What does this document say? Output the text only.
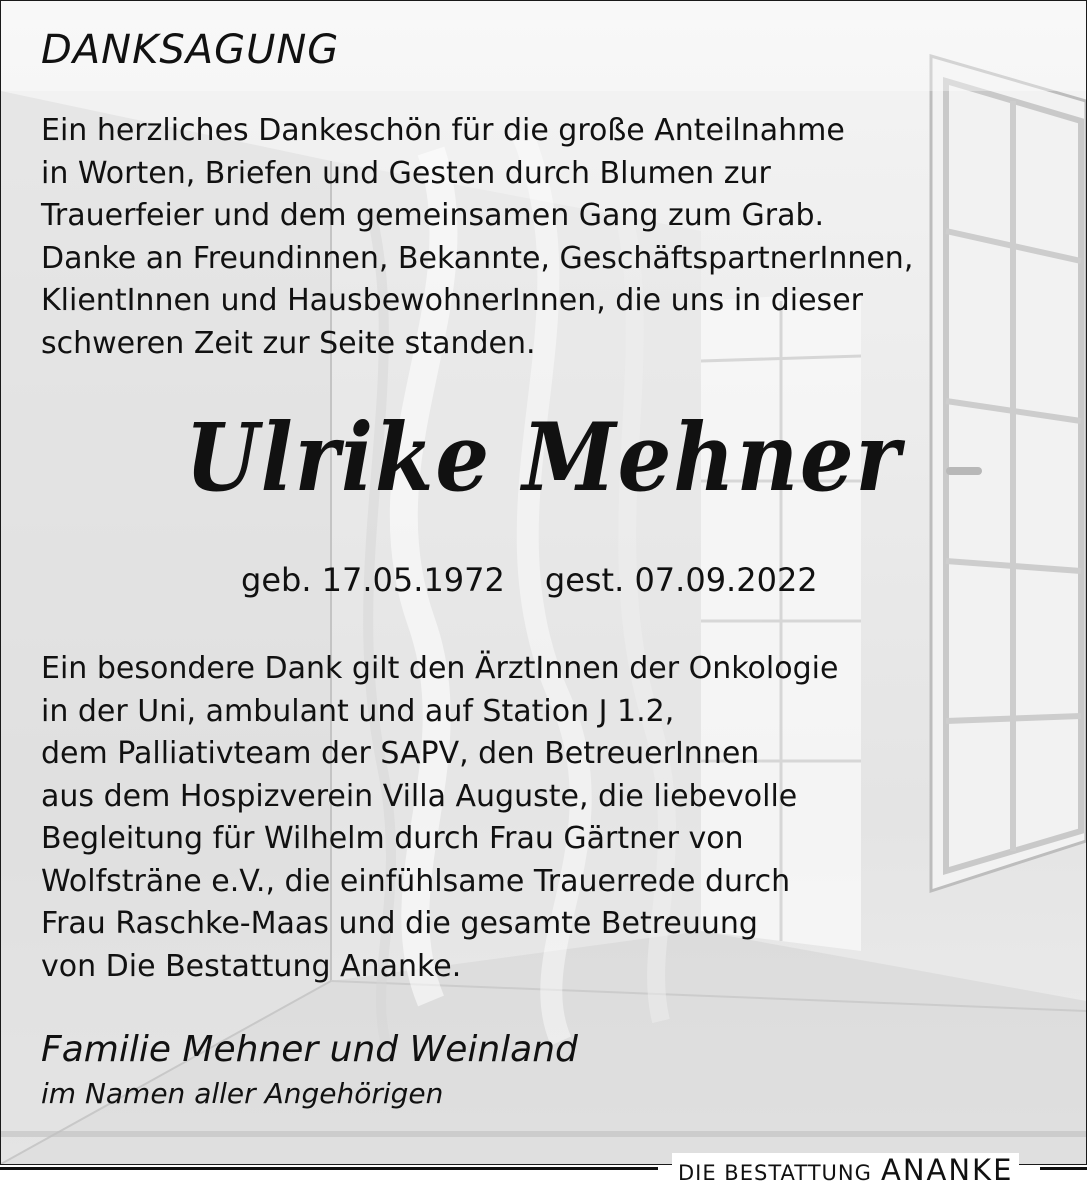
DANKSAGUNG
Ein herzliches Dankeschön für die große Anteilnahme
in Worten, Briefen und Gesten durch Blumen zur
Trauerfeier und dem gemeinsamen Gang zum Grab.
Danke an Freundinnen, Bekannte, GeschäftspartnerInnen,
KlientInnen und HausbewohnerInnen, die uns in dieser
schweren Zeit zur Seite standen.
Ulrike Mehner
geb. 17.05.1972 gest. 07.09.2022
Ein besondere Dank gilt den ÄrztInnen der Onkologie
in der Uni, ambulant und auf Station J 1.2,
dem Palliativteam der SAPV, den BetreuerInnen
aus dem Hospizverein Villa Auguste, die liebevolle
Begleitung für Wilhelm durch Frau Gärtner von
Wolfsträne e.V., die einfühlsame Trauerrede durch
Frau Raschke-Maas und die gesamte Betreuung
von Die Bestattung Ananke.
Familie Mehner und Weinland
im Namen aller Angehörigen
DIE BESTATTUNG ANANKE
